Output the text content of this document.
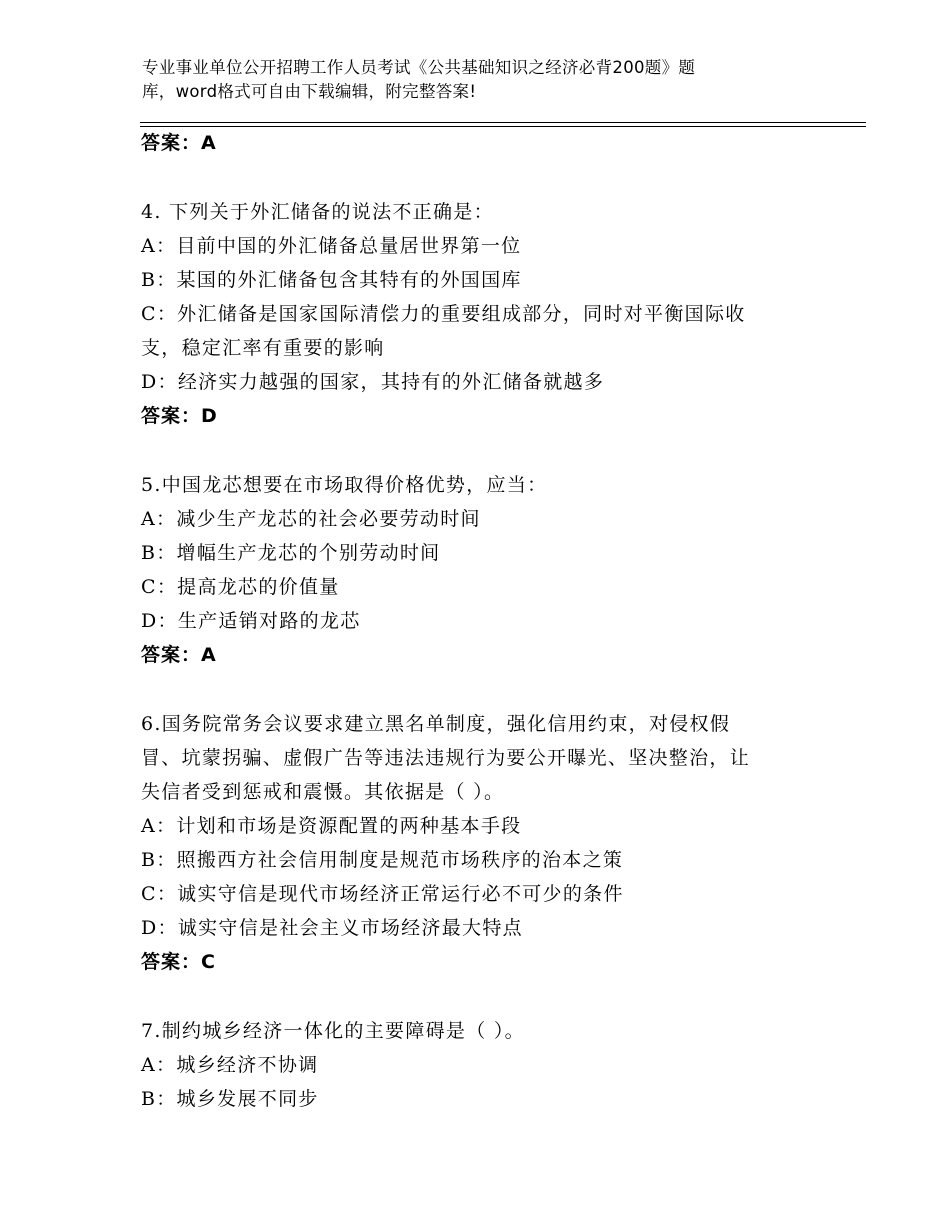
专业事业单位公开招聘工作人员考试《公共基础知识之经济必背200题》题
库，word格式可自由下载编辑，附完整答案!
答案：A
4. 下列关于外汇储备的说法不正确是：
A：目前中国的外汇储备总量居世界第一位
B：某国的外汇储备包含其特有的外国国库
C：外汇储备是国家国际清偿力的重要组成部分，同时对平衡国际收
支，稳定汇率有重要的影响
D：经济实力越强的国家，其持有的外汇储备就越多
答案：D
5.中国龙芯想要在市场取得价格优势，应当：
A：减少生产龙芯的社会必要劳动时间
B：增幅生产龙芯的个别劳动时间
C：提高龙芯的价值量
D：生产适销对路的龙芯
答案：A
6.国务院常务会议要求建立黑名单制度，强化信用约束，对侵权假
冒、坑蒙拐骗、虚假广告等违法违规行为要公开曝光、坚决整治，让
失信者受到惩戒和震慑。其依据是（ ）。
A：计划和市场是资源配置的两种基本手段
B：照搬西方社会信用制度是规范市场秩序的治本之策
C：诚实守信是现代市场经济正常运行必不可少的条件
D：诚实守信是社会主义市场经济最大特点
答案：C
7.制约城乡经济一体化的主要障碍是（ ）。
A：城乡经济不协调
B：城乡发展不同步
